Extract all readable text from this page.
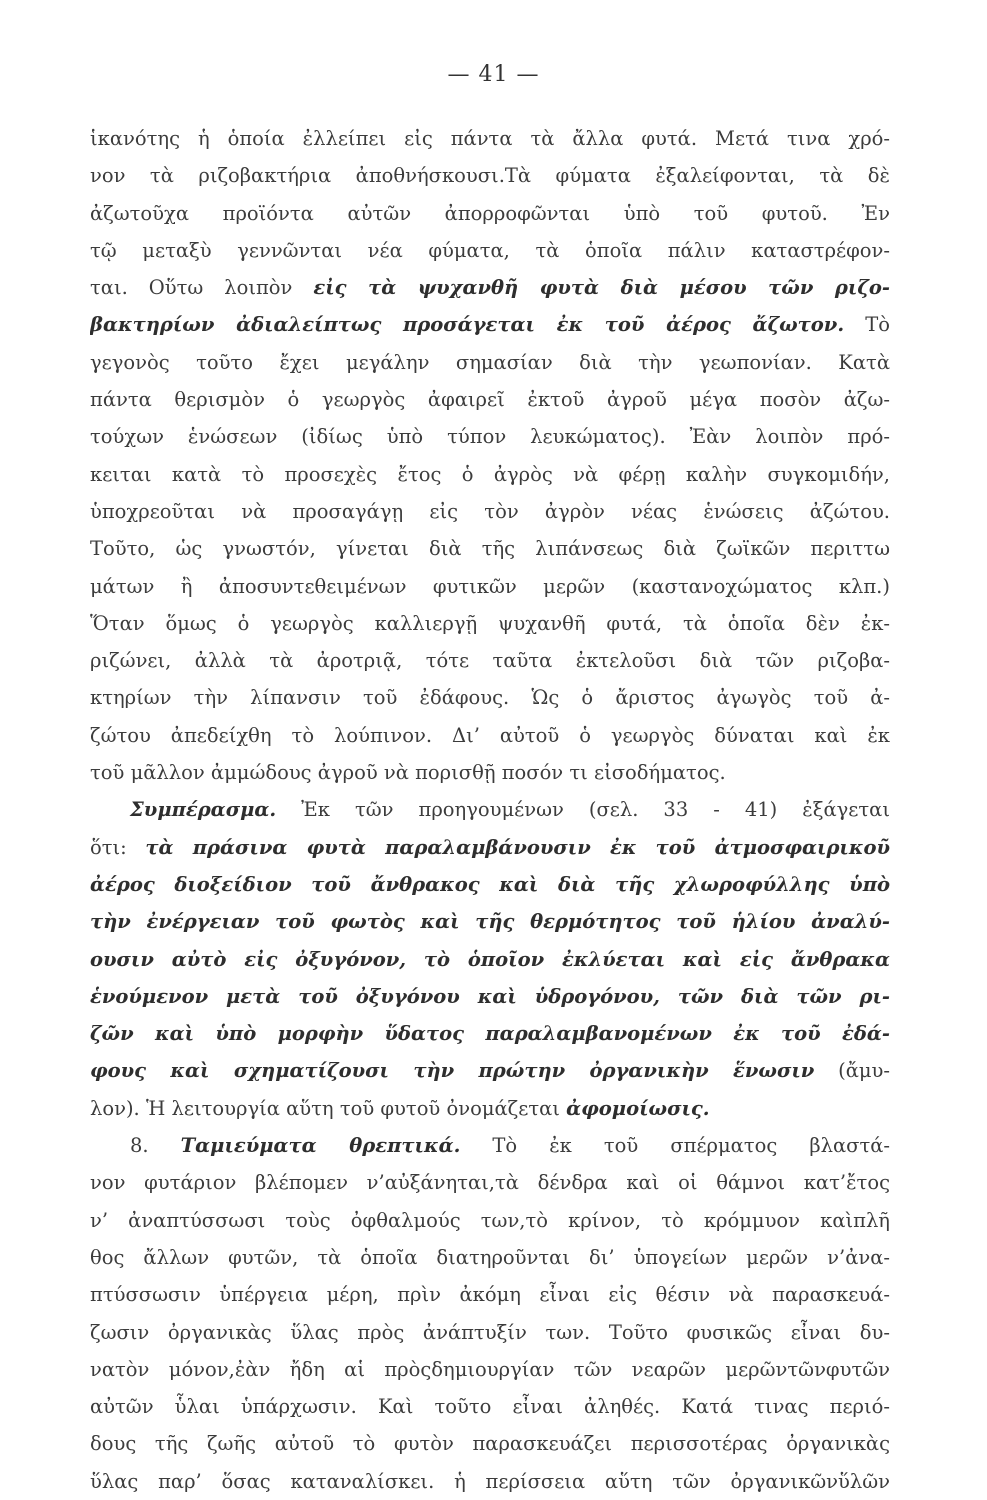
— 41 —
ἱκανότης ἡ ὁποία ἐλλείπει εἰς πάντα τὰ ἄλλα φυτά. Μετά τινα χρό-
νον τὰ ριζοβακτήρια ἀποθνήσκουσι.Τὰ φύματα ἐξαλείφονται, τὰ δὲ
ἀζωτοῦχα προϊόντα αὐτῶν ἀπορροφῶνται ὑπὸ τοῦ φυτοῦ. Ἐν
τῷ μεταξὺ γεννῶνται νέα φύματα, τὰ ὁποῖα πάλιν καταστρέφον-
ται. Οὕτω λοιπὸν εἰς τὰ ψυχανθῆ φυτὰ διὰ μέσου τῶν ριζο-
βακτηρίων ἀδιαλείπτως προσάγεται ἐκ τοῦ ἀέρος ἄζωτον. Τὸ
γεγονὸς τοῦτο ἔχει μεγάλην σημασίαν διὰ τὴν γεωπονίαν. Κατὰ
πάντα θερισμὸν ὁ γεωργὸς ἀφαιρεῖ ἐκτοῦ ἀγροῦ μέγα ποσὸν ἀζω-
τούχων ἑνώσεων (ἰδίως ὑπὸ τύπον λευκώματος). Ἐὰν λοιπὸν πρό-
κειται κατὰ τὸ προσεχὲς ἔτος ὁ ἀγρὸς νὰ φέρῃ καλὴν συγκομιδήν,
ὑποχρεοῦται νὰ προσαγάγῃ εἰς τὸν ἀγρὸν νέας ἑνώσεις ἀζώτου.
Τοῦτο, ὡς γνωστόν, γίνεται διὰ τῆς λιπάνσεως διὰ ζωϊκῶν περιττω
μάτων ἢ ἀποσυντεθειμένων φυτικῶν μερῶν (καστανοχώματος κλπ.)
Ὅταν ὅμως ὁ γεωργὸς καλλιεργῇ ψυχανθῆ φυτά, τὰ ὁποῖα δὲν ἐκ-
ριζώνει, ἀλλὰ τὰ ἀροτριᾷ, τότε ταῦτα ἐκτελοῦσι διὰ τῶν ριζοβα-
κτηρίων τὴν λίπανσιν τοῦ ἐδάφους. Ὡς ὁ ἄριστος ἀγωγὸς τοῦ ἀ-
ζώτου ἀπεδείχθη τὸ λούπινον. Δι’ αὐτοῦ ὁ γεωργὸς δύναται καὶ ἐκ
τοῦ μᾶλλον ἀμμώδους ἀγροῦ νὰ πορισθῇ ποσόν τι εἰσοδήματος.
Συμπέρασμα. Ἐκ τῶν προηγουμένων (σελ. 33 - 41) ἐξάγεται
ὅτι: τὰ πράσινα φυτὰ παραλαμβάνουσιν ἐκ τοῦ ἀτμοσφαιρικοῦ
ἀέρος διοξείδιον τοῦ ἄνθρακος καὶ διὰ τῆς χλωροφύλλης ὑπὸ
τὴν ἐνέργειαν τοῦ φωτὸς καὶ τῆς θερμότητος τοῦ ἡλίου ἀναλύ-
ουσιν αὐτὸ εἰς ὀξυγόνον, τὸ ὁποῖον ἐκλύεται καὶ εἰς ἄνθρακα
ἑνούμενον μετὰ τοῦ ὀξυγόνου καὶ ὑδρογόνου, τῶν διὰ τῶν ρι-
ζῶν καὶ ὑπὸ μορφὴν ὕδατος παραλαμβανομένων ἐκ τοῦ ἐδά-
φους καὶ σχηματίζουσι τὴν πρώτην ὀργανικὴν ἕνωσιν (ἄμυ-
λον). Ἡ λειτουργία αὕτη τοῦ φυτοῦ ὀνομάζεται ἀφομοίωσις.
8. Ταμιεύματα θρεπτικά. Τὸ ἐκ τοῦ σπέρματος βλαστά-
νον φυτάριον βλέπομεν ν’αὐξάνηται,τὰ δένδρα καὶ οἱ θάμνοι κατ’ἔτος
ν’ ἀναπτύσσωσι τοὺς ὀφθαλμούς των,τὸ κρίνον, τὸ κρόμμυον καὶπλῆ
θος ἄλλων φυτῶν, τὰ ὁποῖα διατηροῦνται δι’ ὑπογείων μερῶν ν’ἀνα-
πτύσσωσιν ὑπέργεια μέρη, πρὶν ἀκόμη εἶναι εἰς θέσιν νὰ παρασκευά-
ζωσιν ὀργανικὰς ὕλας πρὸς ἀνάπτυξίν των. Τοῦτο φυσικῶς εἶναι δυ-
νατὸν μόνον,ἐὰν ἤδη αἱ πρὸςδημιουργίαν τῶν νεαρῶν μερῶντῶνφυτῶν
αὐτῶν ὗλαι ὑπάρχωσιν. Καὶ τοῦτο εἶναι ἀληθές. Κατά τινας περιό-
δους τῆς ζωῆς αὐτοῦ τὸ φυτὸν παρασκευάζει περισσοτέρας ὀργανικὰς
ὕλας παρ’ ὅσας καταναλίσκει. ἡ περίσσεια αὕτη τῶν ὀργανικῶνὕλῶν
